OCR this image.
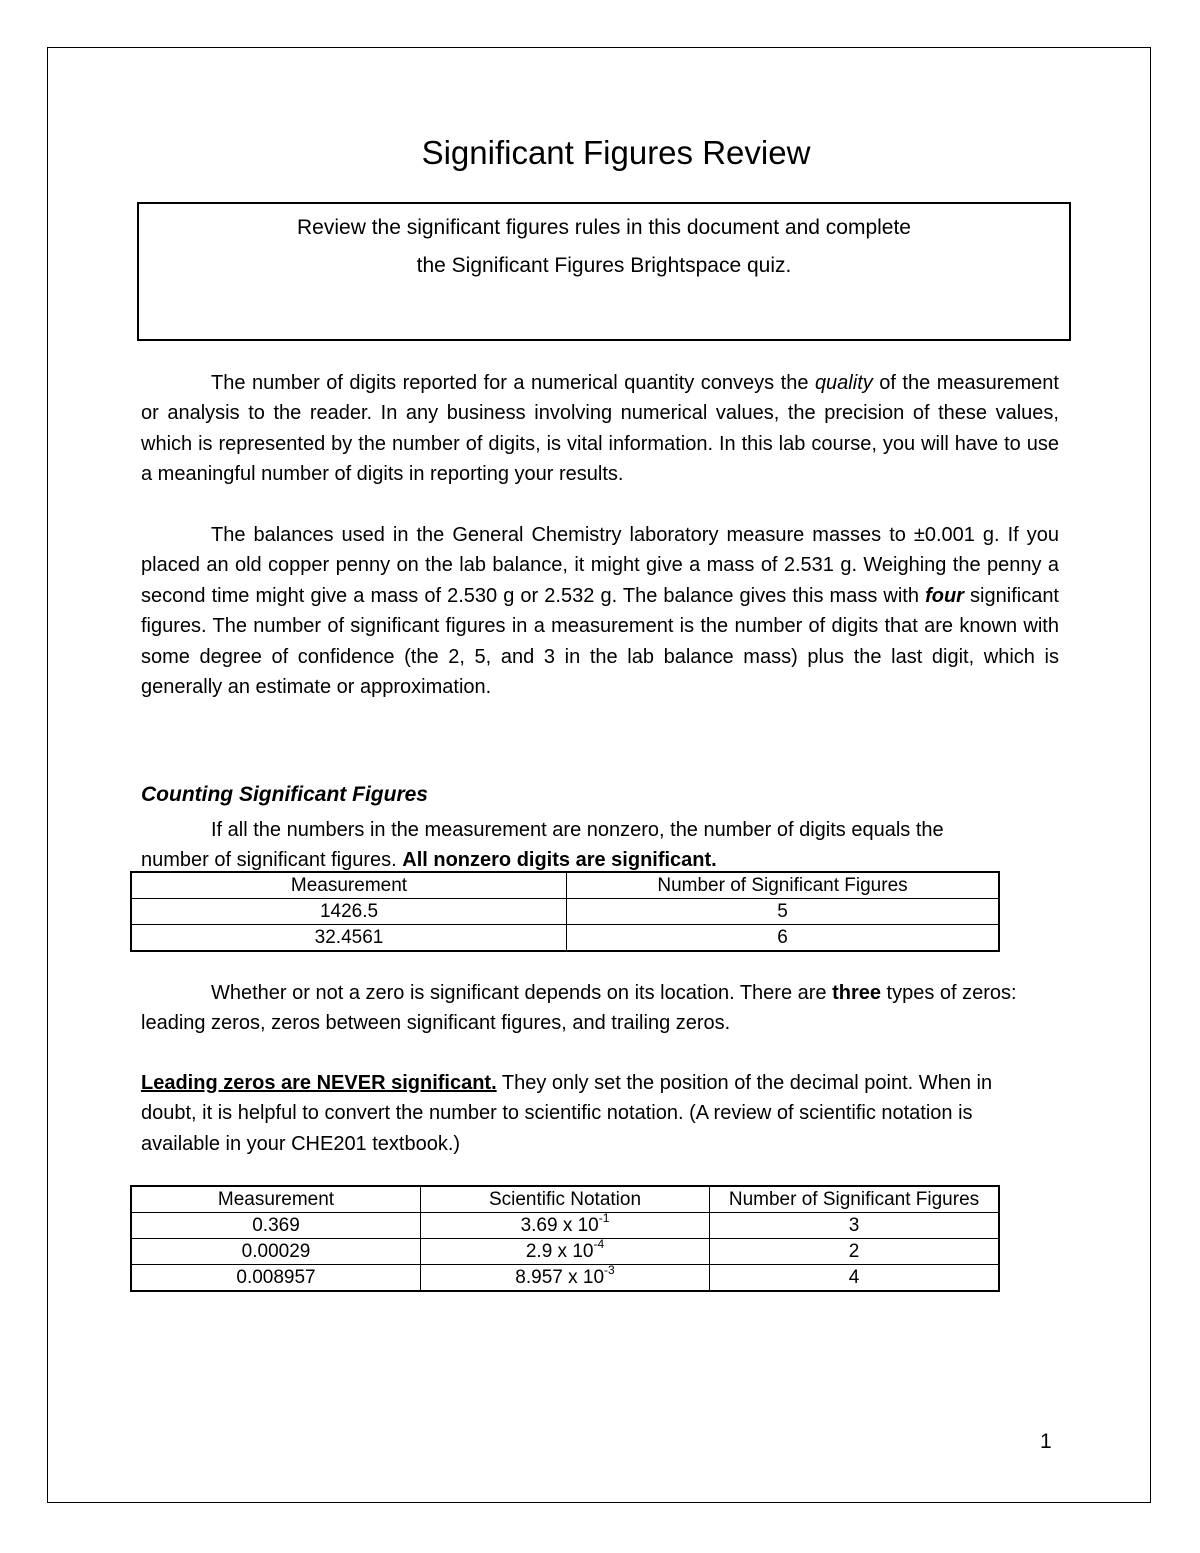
Significant Figures Review
Review the significant figures rules in this document and complete
the Significant Figures Brightspace quiz.

The number of digits reported for a numerical quantity conveys the quality of the measurement or analysis to the reader. In any business involving numerical values, the precision of these values, which is represented by the number of digits, is vital information. In this lab course, you will have to use a meaningful number of digits in reporting your results.

The balances used in the General Chemistry laboratory measure masses to ±0.001 g. If you placed an old copper penny on the lab balance, it might give a mass of 2.531 g. Weighing the penny a second time might give a mass of 2.530 g or 2.532 g. The balance gives this mass with four significant figures. The number of significant figures in a measurement is the number of digits that are known with some degree of confidence (the 2, 5, and 3 in the lab balance mass) plus the last digit, which is generally an estimate or approximation.

Counting Significant Figures

If all the numbers in the measurement are nonzero, the number of digits equals the number of significant figures. All nonzero digits are significant.

Measurement	Number of Significant Figures
1426.5	5
32.4561	6

Whether or not a zero is significant depends on its location. There are three types of zeros: leading zeros, zeros between significant figures, and trailing zeros.

Leading zeros are NEVER significant. They only set the position of the decimal point. When in doubt, it is helpful to convert the number to scientific notation. (A review of scientific notation is available in your CHE201 textbook.)

Measurement	Scientific Notation	Number of Significant Figures
0.369	3.69 x $10^{-1}$	3
0.00029	2.9 x $10^{-4}$	2
0.008957	8.957 x $10^{-3}$	4
1
